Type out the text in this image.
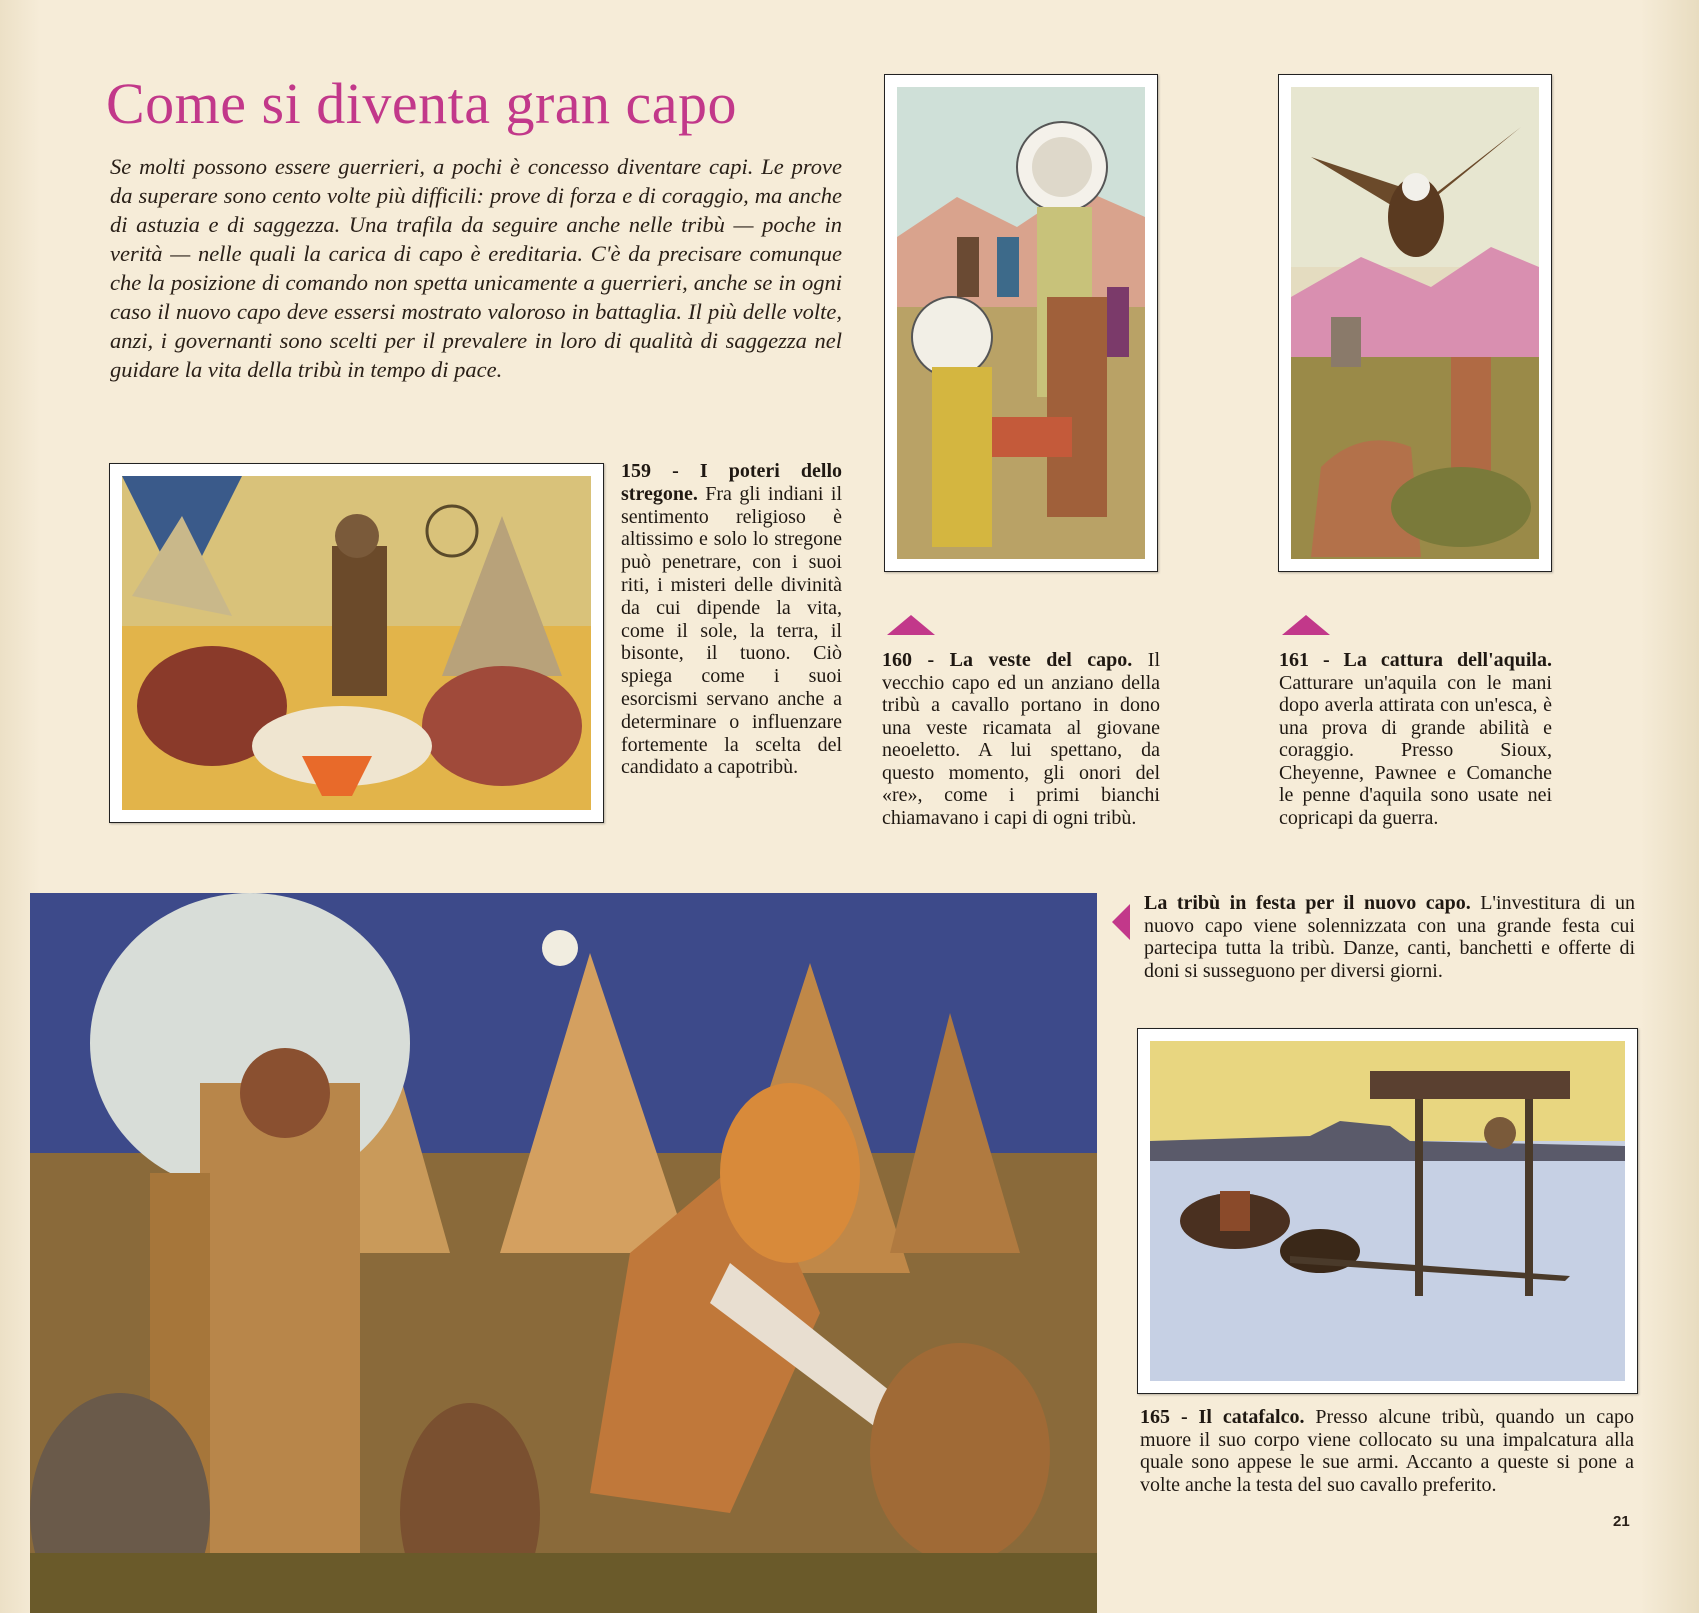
Come si diventa gran capo

Se molti possono essere guerrieri, a pochi è concesso diventare capi. Le prove da superare sono cento volte più difficili: prove di forza e di coraggio, ma anche di astuzia e di saggezza. Una trafila da seguire anche nelle tribù — poche in verità — nelle quali la carica di capo è ereditaria. C'è da precisare comunque che la posizione di comando non spetta unicamente a guerrieri, anche se in ogni caso il nuovo capo deve essersi mostrato valoroso in battaglia. Il più delle volte, anzi, i governanti sono scelti per il prevalere in loro di qualità di saggezza nel guidare la vita della tribù in tempo di pace.

159 - I poteri dello stregone. Fra gli indiani il sentimento religioso è altissimo e solo lo stregone può penetrare, con i suoi riti, i misteri delle divinità da cui dipende la vita, come il sole, la terra, il bisonte, il tuono. Ciò spiega come i suoi esorcismi servano anche a determinare o influenzare fortemente la scelta del candidato a capotribù.

160 - La veste del capo. Il vecchio capo ed un anziano della tribù a cavallo portano in dono una veste ricamata al giovane neoeletto. A lui spettano, da questo momento, gli onori del «re», come i primi bianchi chiamavano i capi di ogni tribù.

161 - La cattura dell'aquila. Catturare un'aquila con le mani dopo averla attirata con un'esca, è una prova di grande abilità e coraggio. Presso Sioux, Cheyenne, Pawnee e Comanche le penne d'aquila sono usate nei copricapi da guerra.

La tribù in festa per il nuovo capo. L'investitura di un nuovo capo viene solennizzata con una grande festa cui partecipa tutta la tribù. Danze, canti, banchetti e offerte di doni si susseguono per diversi giorni.

165 - Il catafalco. Presso alcune tribù, quando un capo muore il suo corpo viene collocato su una impalcatura alla quale sono appese le sue armi. Accanto a queste si pone a volte anche la testa del suo cavallo preferito.

21
